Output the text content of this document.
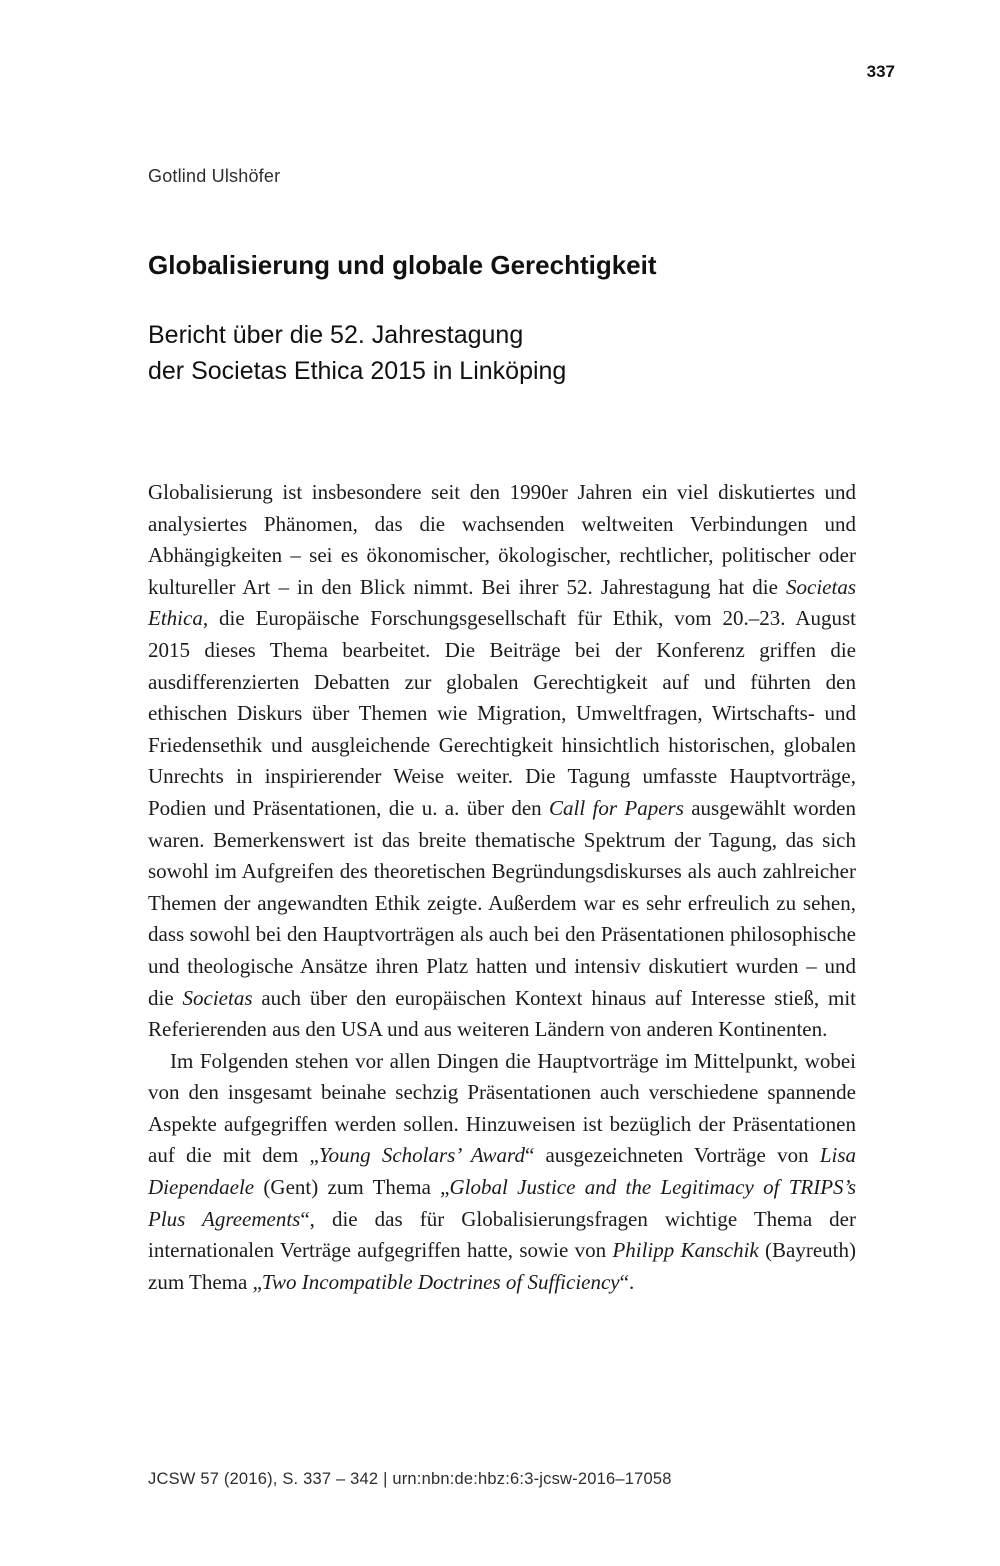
337
Gotlind Ulshöfer
Globalisierung und globale Gerechtigkeit
Bericht über die 52. Jahrestagung
der Societas Ethica 2015 in Linköping

Globalisierung ist insbesondere seit den 1990er Jahren ein viel diskutiertes und analysiertes Phänomen, das die wachsenden weltweiten Verbindungen und Abhängigkeiten – sei es ökonomischer, ökologischer, rechtlicher, politischer oder kultureller Art – in den Blick nimmt. Bei ihrer 52. Jahrestagung hat die Societas Ethica, die Europäische Forschungsgesellschaft für Ethik, vom 20.–23. August 2015 dieses Thema bearbeitet. Die Beiträge bei der Konferenz griffen die ausdifferenzierten Debatten zur globalen Gerechtigkeit auf und führten den ethischen Diskurs über Themen wie Migration, Umweltfragen, Wirtschafts- und Friedensethik und ausgleichende Gerechtigkeit hinsichtlich historischen, globalen Unrechts in inspirierender Weise weiter. Die Tagung umfasste Hauptvorträge, Podien und Präsentationen, die u. a. über den Call for Papers ausgewählt worden waren. Bemerkenswert ist das breite thematische Spektrum der Tagung, das sich sowohl im Aufgreifen des theoretischen Begründungsdiskurses als auch zahlreicher Themen der angewandten Ethik zeigte. Außerdem war es sehr erfreulich zu sehen, dass sowohl bei den Hauptvorträgen als auch bei den Präsentationen philosophische und theologische Ansätze ihren Platz hatten und intensiv diskutiert wurden – und die Societas auch über den europäischen Kontext hinaus auf Interesse stieß, mit Referierenden aus den USA und aus weiteren Ländern von anderen Kontinenten.

Im Folgenden stehen vor allen Dingen die Hauptvorträge im Mittelpunkt, wobei von den insgesamt beinahe sechzig Präsentationen auch verschiedene spannende Aspekte aufgegriffen werden sollen. Hinzuweisen ist bezüglich der Präsentationen auf die mit dem „Young Scholars’ Award“ ausgezeichneten Vorträge von Lisa Diependaele (Gent) zum Thema „Global Justice and the Legitimacy of TRIPS’s Plus Agreements“, die das für Globalisierungsfragen wichtige Thema der internationalen Verträge aufgegriffen hatte, sowie von Philipp Kanschik (Bayreuth) zum Thema „Two Incompatible Doctrines of Sufficiency“.

JCSW 57 (2016), S. 337 – 342 | urn:nbn:de:hbz:6:3-jcsw-2016–17058
